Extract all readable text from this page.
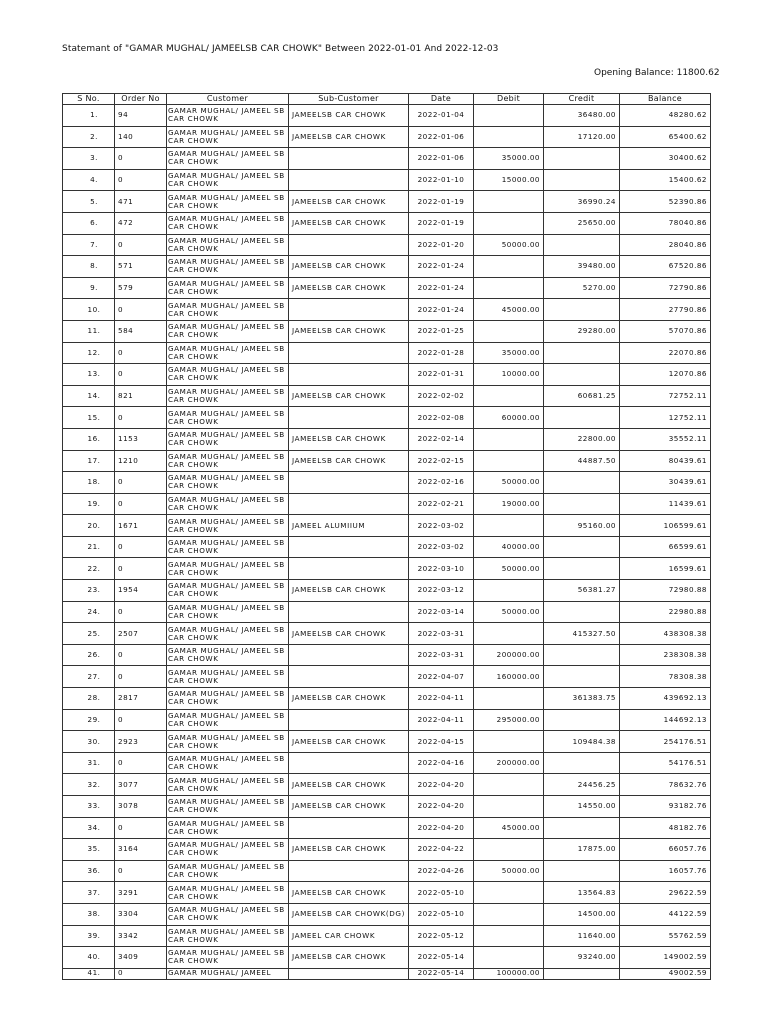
Statemant of "GAMAR MUGHAL/ JAMEELSB CAR CHOWK" Between 2022-01-01 And 2022-12-03
Opening Balance: 11800.62
S No.	Order No	Customer	Sub-Customer	Date	Debit	Credit	Balance
1.	94	GAMAR MUGHAL/ JAMEEL SB CAR CHOWK	JAMEELSB CAR CHOWK	2022-01-04		36480.00	48280.62
2.	140	GAMAR MUGHAL/ JAMEEL SB CAR CHOWK	JAMEELSB CAR CHOWK	2022-01-06		17120.00	65400.62
3.	0	GAMAR MUGHAL/ JAMEEL SB CAR CHOWK		2022-01-06	35000.00		30400.62
4.	0	GAMAR MUGHAL/ JAMEEL SB CAR CHOWK		2022-01-10	15000.00		15400.62
5.	471	GAMAR MUGHAL/ JAMEEL SB CAR CHOWK	JAMEELSB CAR CHOWK	2022-01-19		36990.24	52390.86
6.	472	GAMAR MUGHAL/ JAMEEL SB CAR CHOWK	JAMEELSB CAR CHOWK	2022-01-19		25650.00	78040.86
7.	0	GAMAR MUGHAL/ JAMEEL SB CAR CHOWK		2022-01-20	50000.00		28040.86
8.	571	GAMAR MUGHAL/ JAMEEL SB CAR CHOWK	JAMEELSB CAR CHOWK	2022-01-24		39480.00	67520.86
9.	579	GAMAR MUGHAL/ JAMEEL SB CAR CHOWK	JAMEELSB CAR CHOWK	2022-01-24		5270.00	72790.86
10.	0	GAMAR MUGHAL/ JAMEEL SB CAR CHOWK		2022-01-24	45000.00		27790.86
11.	584	GAMAR MUGHAL/ JAMEEL SB CAR CHOWK	JAMEELSB CAR CHOWK	2022-01-25		29280.00	57070.86
12.	0	GAMAR MUGHAL/ JAMEEL SB CAR CHOWK		2022-01-28	35000.00		22070.86
13.	0	GAMAR MUGHAL/ JAMEEL SB CAR CHOWK		2022-01-31	10000.00		12070.86
14.	821	GAMAR MUGHAL/ JAMEEL SB CAR CHOWK	JAMEELSB CAR CHOWK	2022-02-02		60681.25	72752.11
15.	0	GAMAR MUGHAL/ JAMEEL SB CAR CHOWK		2022-02-08	60000.00		12752.11
16.	1153	GAMAR MUGHAL/ JAMEEL SB CAR CHOWK	JAMEELSB CAR CHOWK	2022-02-14		22800.00	35552.11
17.	1210	GAMAR MUGHAL/ JAMEEL SB CAR CHOWK	JAMEELSB CAR CHOWK	2022-02-15		44887.50	80439.61
18.	0	GAMAR MUGHAL/ JAMEEL SB CAR CHOWK		2022-02-16	50000.00		30439.61
19.	0	GAMAR MUGHAL/ JAMEEL SB CAR CHOWK		2022-02-21	19000.00		11439.61
20.	1671	GAMAR MUGHAL/ JAMEEL SB CAR CHOWK	JAMEEL ALUMIIUM	2022-03-02		95160.00	106599.61
21.	0	GAMAR MUGHAL/ JAMEEL SB CAR CHOWK		2022-03-02	40000.00		66599.61
22.	0	GAMAR MUGHAL/ JAMEEL SB CAR CHOWK		2022-03-10	50000.00		16599.61
23.	1954	GAMAR MUGHAL/ JAMEEL SB CAR CHOWK	JAMEELSB CAR CHOWK	2022-03-12		56381.27	72980.88
24.	0	GAMAR MUGHAL/ JAMEEL SB CAR CHOWK		2022-03-14	50000.00		22980.88
25.	2507	GAMAR MUGHAL/ JAMEEL SB CAR CHOWK	JAMEELSB CAR CHOWK	2022-03-31		415327.50	438308.38
26.	0	GAMAR MUGHAL/ JAMEEL SB CAR CHOWK		2022-03-31	200000.00		238308.38
27.	0	GAMAR MUGHAL/ JAMEEL SB CAR CHOWK		2022-04-07	160000.00		78308.38
28.	2817	GAMAR MUGHAL/ JAMEEL SB CAR CHOWK	JAMEELSB CAR CHOWK	2022-04-11		361383.75	439692.13
29.	0	GAMAR MUGHAL/ JAMEEL SB CAR CHOWK		2022-04-11	295000.00		144692.13
30.	2923	GAMAR MUGHAL/ JAMEEL SB CAR CHOWK	JAMEELSB CAR CHOWK	2022-04-15		109484.38	254176.51
31.	0	GAMAR MUGHAL/ JAMEEL SB CAR CHOWK		2022-04-16	200000.00		54176.51
32.	3077	GAMAR MUGHAL/ JAMEEL SB CAR CHOWK	JAMEELSB CAR CHOWK	2022-04-20		24456.25	78632.76
33.	3078	GAMAR MUGHAL/ JAMEEL SB CAR CHOWK	JAMEELSB CAR CHOWK	2022-04-20		14550.00	93182.76
34.	0	GAMAR MUGHAL/ JAMEEL SB CAR CHOWK		2022-04-20	45000.00		48182.76
35.	3164	GAMAR MUGHAL/ JAMEEL SB CAR CHOWK	JAMEELSB CAR CHOWK	2022-04-22		17875.00	66057.76
36.	0	GAMAR MUGHAL/ JAMEEL SB CAR CHOWK		2022-04-26	50000.00		16057.76
37.	3291	GAMAR MUGHAL/ JAMEEL SB CAR CHOWK	JAMEELSB CAR CHOWK	2022-05-10		13564.83	29622.59
38.	3304	GAMAR MUGHAL/ JAMEEL SB CAR CHOWK	JAMEELSB CAR CHOWK(DG)	2022-05-10		14500.00	44122.59
39.	3342	GAMAR MUGHAL/ JAMEEL SB CAR CHOWK	JAMEEL CAR CHOWK	2022-05-12		11640.00	55762.59
40.	3409	GAMAR MUGHAL/ JAMEEL SB CAR CHOWK	JAMEELSB CAR CHOWK	2022-05-14		93240.00	149002.59
41.	0	GAMAR MUGHAL/ JAMEEL		2022-05-14	100000.00		49002.59
